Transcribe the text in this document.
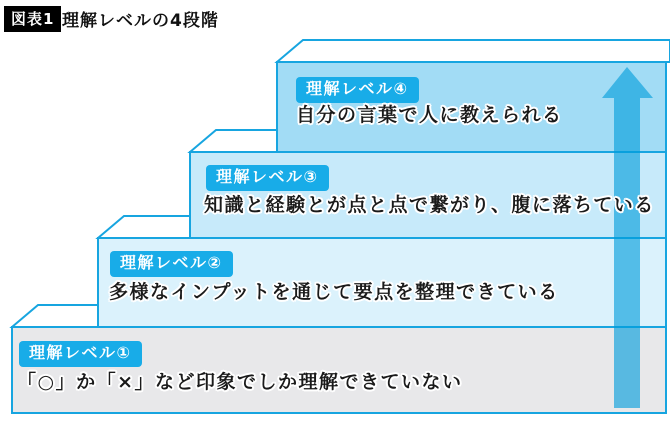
図表1 理解レベルの4段階
理解レベル④
自分の言葉で人に教えられる
理解レベル③
知識と経験とが点と点で繋がり、腹に落ちている
理解レベル②
多様なインプットを通じて要点を整理できている
理解レベル①
「○」か「×」など印象でしか理解できていない
